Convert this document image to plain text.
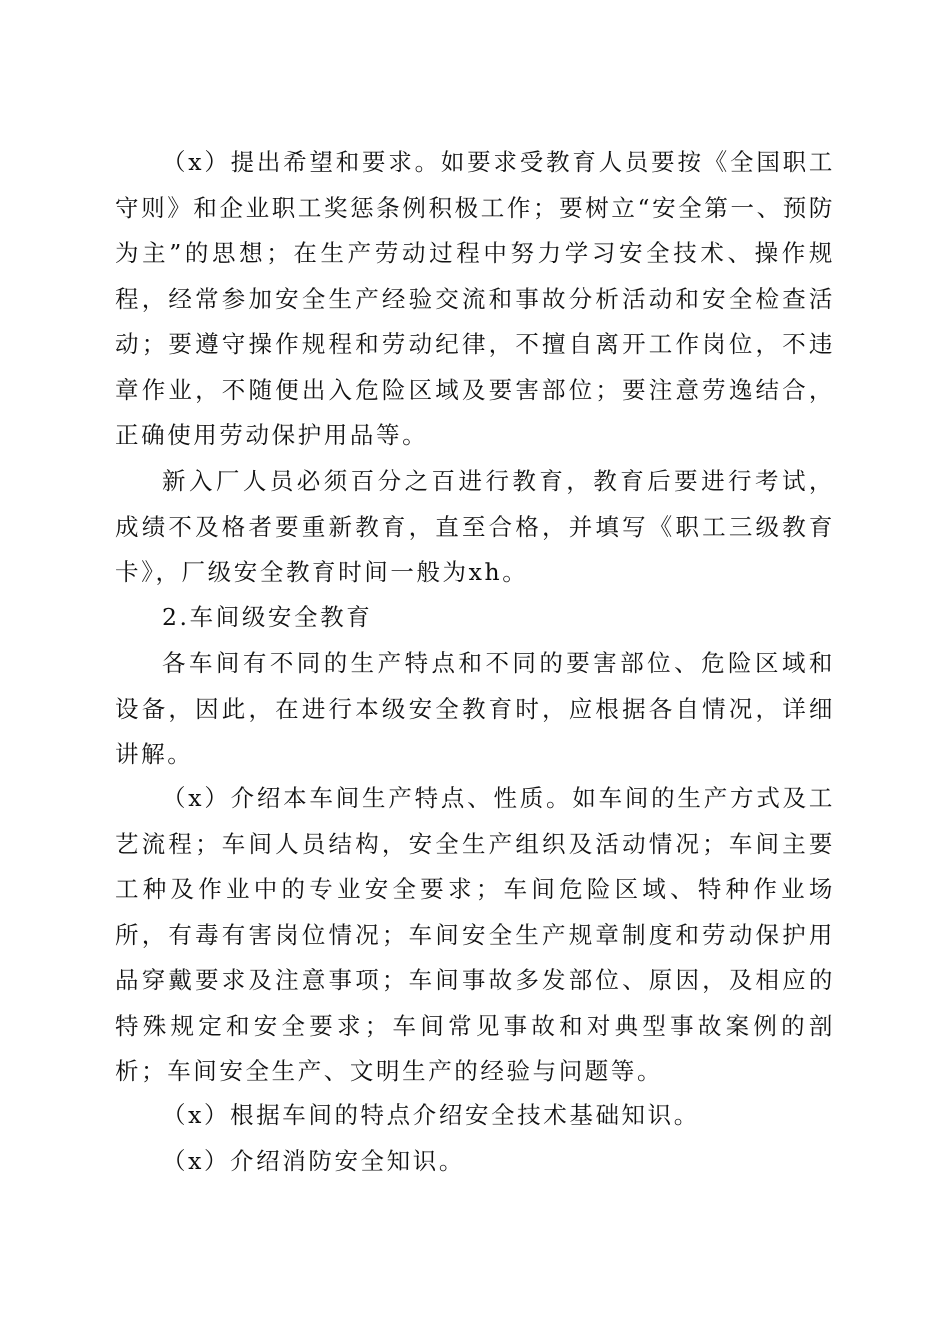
（x）提出希望和要求。如要求受教育人员要按《全国职工守则》和企业职工奖惩条例积极工作；要树立“安全第一、预防为主”的思想；在生产劳动过程中努力学习安全技术、操作规程，经常参加安全生产经验交流和事故分析活动和安全检查活动；要遵守操作规程和劳动纪律，不擅自离开工作岗位，不违章作业，不随便出入危险区域及要害部位；要注意劳逸结合，正确使用劳动保护用品等。

新入厂人员必须百分之百进行教育，教育后要进行考试，成绩不及格者要重新教育，直至合格，并填写《职工三级教育卡》，厂级安全教育时间一般为xh。

2.车间级安全教育

各车间有不同的生产特点和不同的要害部位、危险区域和设备，因此，在进行本级安全教育时，应根据各自情况，详细讲解。

（x）介绍本车间生产特点、性质。如车间的生产方式及工艺流程；车间人员结构，安全生产组织及活动情况；车间主要工种及作业中的专业安全要求；车间危险区域、特种作业场所，有毒有害岗位情况；车间安全生产规章制度和劳动保护用品穿戴要求及注意事项；车间事故多发部位、原因，及相应的特殊规定和安全要求；车间常见事故和对典型事故案例的剖析；车间安全生产、文明生产的经验与问题等。

（x）根据车间的特点介绍安全技术基础知识。

（x）介绍消防安全知识。
